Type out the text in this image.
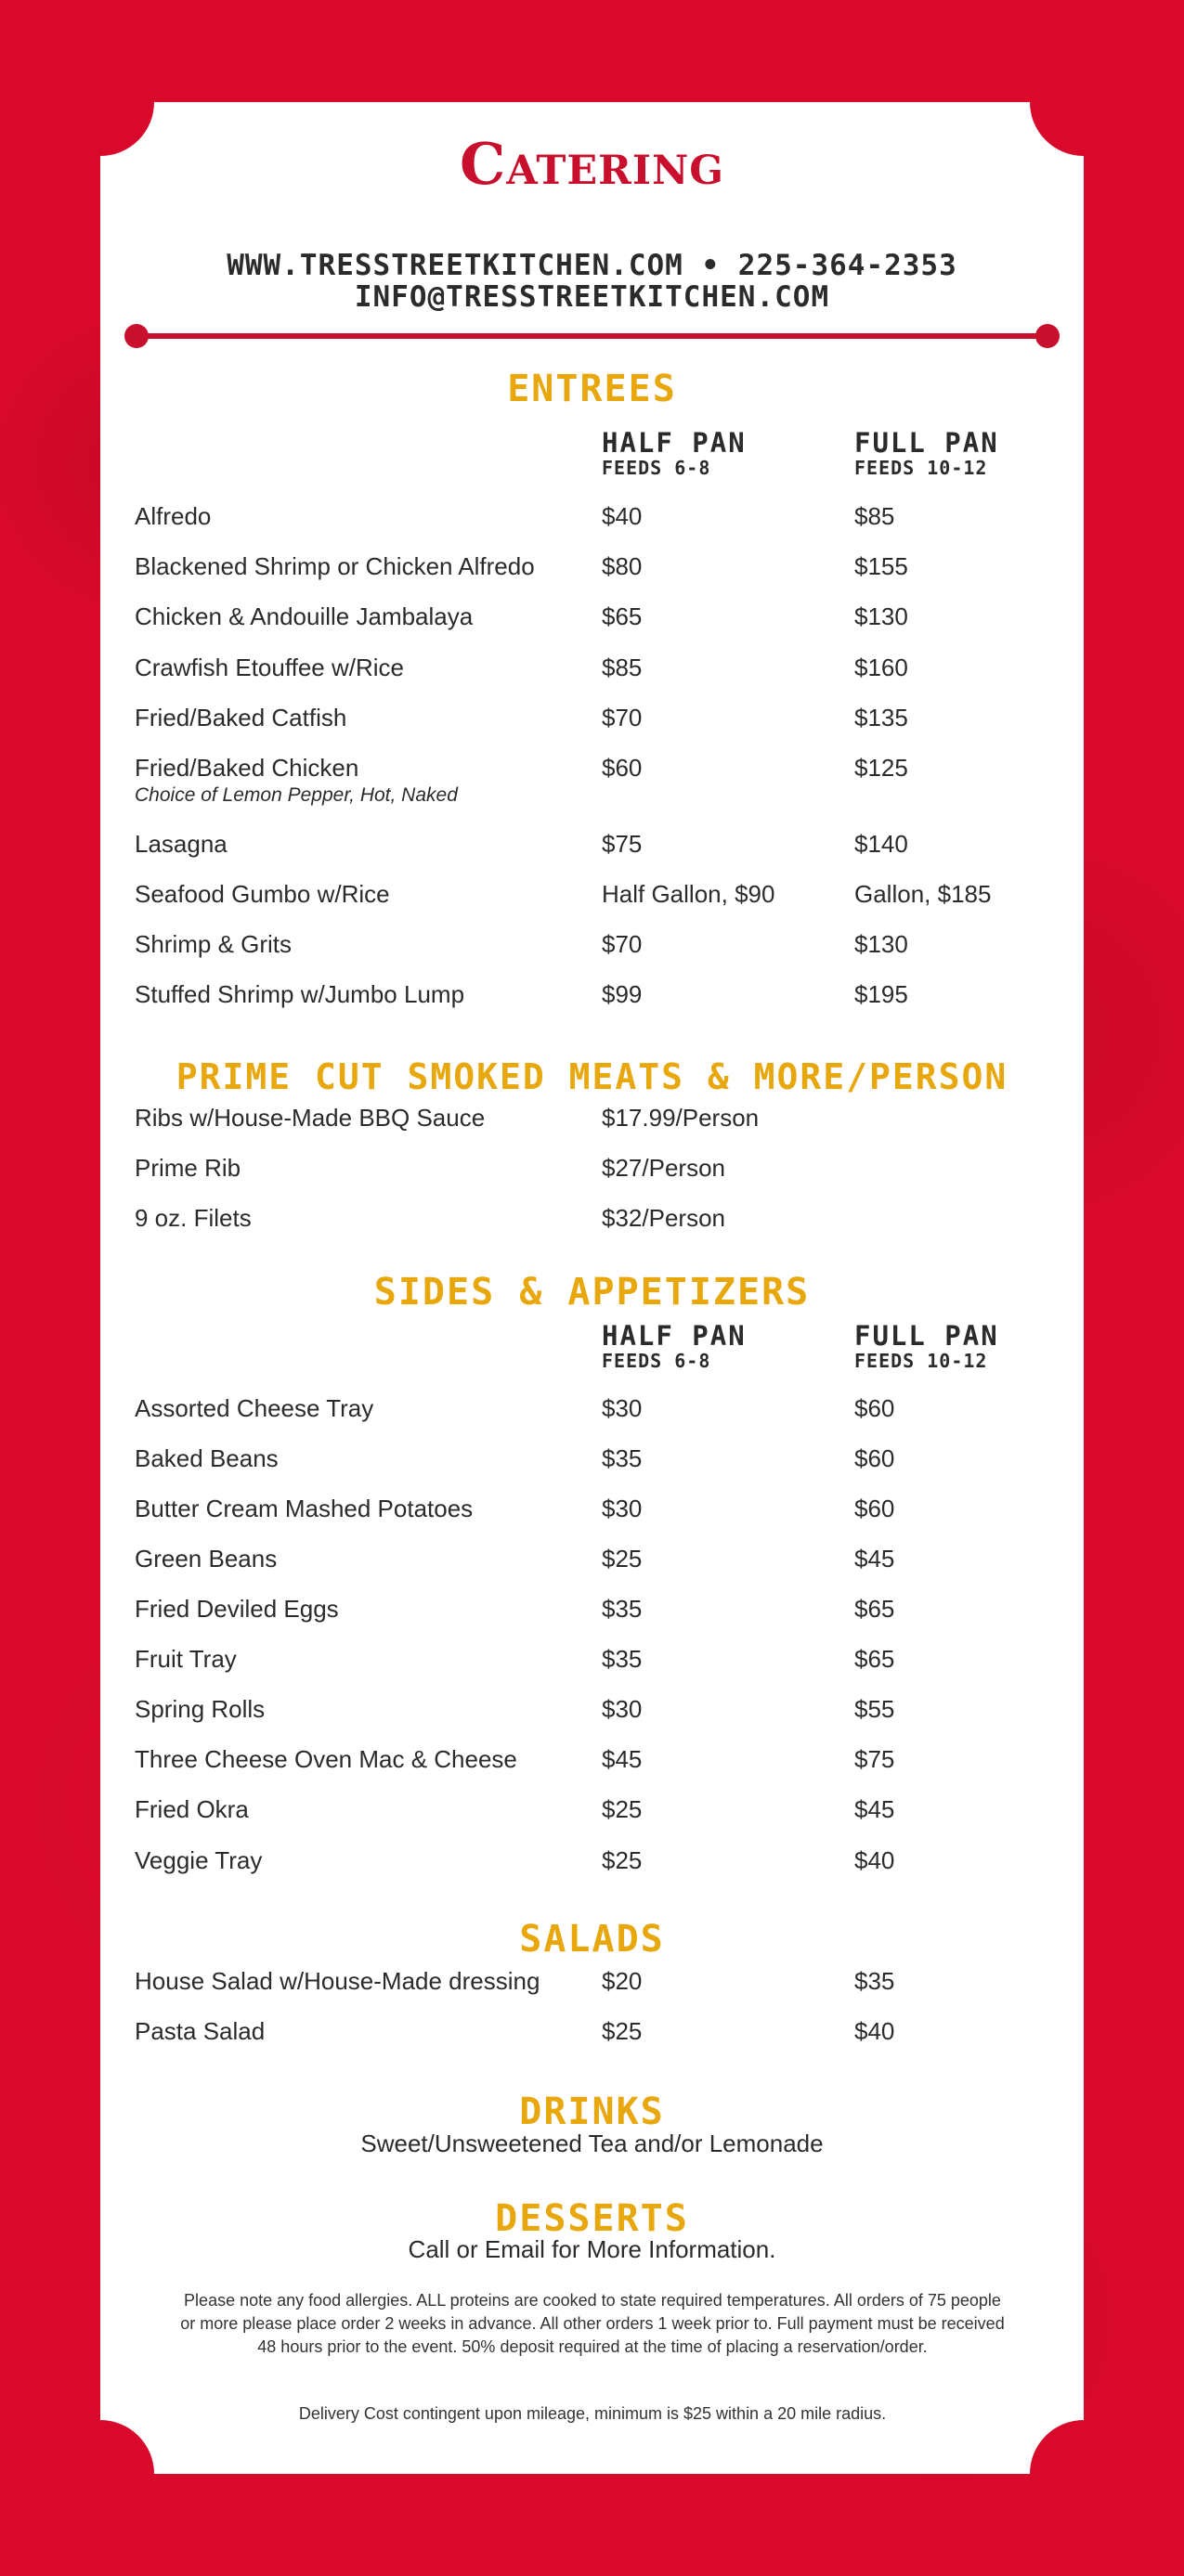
Catering
WWW.TRESSTREETKITCHEN.COM • 225-364-2353
INFO@TRESSTREETKITCHEN.COM
ENTREES
HALF PAN
FEEDS 6-8
FULL PAN
FEEDS 10-12
Alfredo	$40	$85
Blackened Shrimp or Chicken Alfredo	$80	$155
Chicken & Andouille Jambalaya	$65	$130
Crawfish Etouffee w/Rice	$85	$160
Fried/Baked Catfish	$70	$135
Fried/Baked Chicken
Choice of Lemon Pepper, Hot, Naked
$60	$125
Lasagna	$75	$140
Seafood Gumbo w/Rice	Half Gallon, $90	Gallon, $185
Shrimp & Grits	$70	$130
Stuffed Shrimp w/Jumbo Lump	$99	$195
PRIME CUT SMOKED MEATS & MORE/PERSON
Ribs w/House-Made BBQ Sauce	$17.99/Person
Prime Rib	$27/Person
9 oz. Filets	$32/Person
SIDES & APPETIZERS
HALF PAN
FEEDS 6-8
FULL PAN
FEEDS 10-12
Assorted Cheese Tray	$30	$60
Baked Beans	$35	$60
Butter Cream Mashed Potatoes	$30	$60
Green Beans	$25	$45
Fried Deviled Eggs	$35	$65
Fruit Tray	$35	$65
Spring Rolls	$30	$55
Three Cheese Oven Mac & Cheese	$45	$75
Fried Okra	$25	$45
Veggie Tray	$25	$40
SALADS
House Salad w/House-Made dressing	$20	$35
Pasta Salad	$25	$40
DRINKS
Sweet/Unsweetened Tea and/or Lemonade
DESSERTS
Call or Email for More Information.
Please note any food allergies. ALL proteins are cooked to state required temperatures. All orders of 75 people or more please place order 2 weeks in advance. All other orders 1 week prior to. Full payment must be received 48 hours prior to the event. 50% deposit required at the time of placing a reservation/order.
Delivery Cost contingent upon mileage, minimum is $25 within a 20 mile radius.
